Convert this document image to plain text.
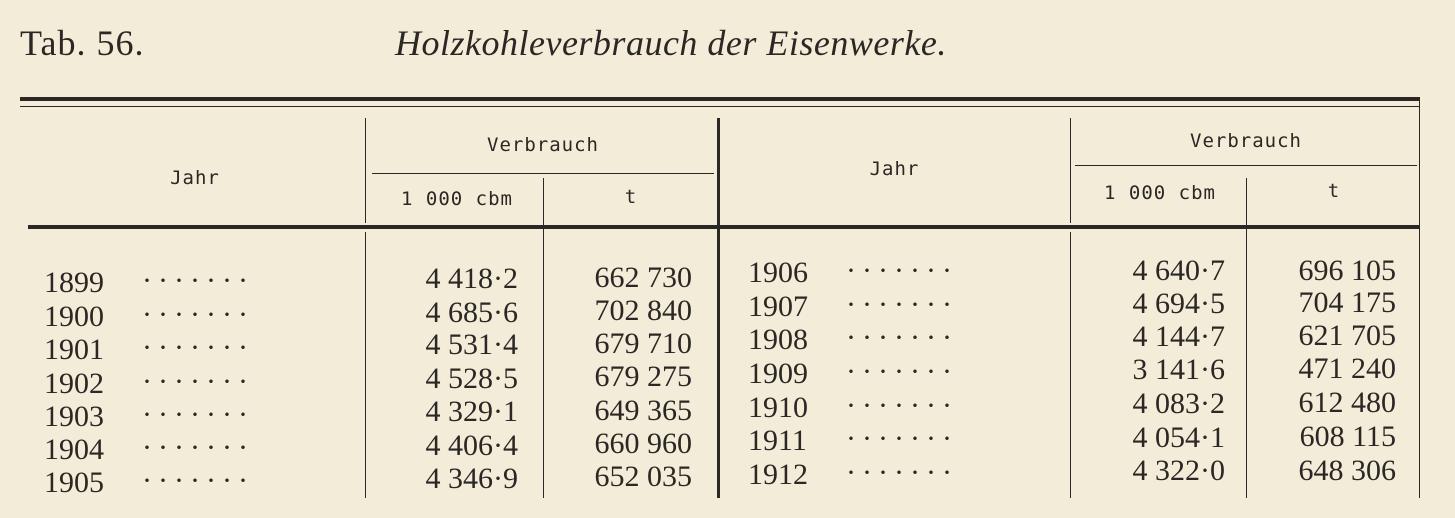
Tab. 56.	Holzkohleverbrauch der Eisenwerke.
Jahr
Verbrauch
1 000 cbm	t
Jahr
Verbrauch
1 000 cbm	t
1899 ·······	4 418·2	662 730
1900 ·······	4 685·6	702 840
1901 ·······	4 531·4	679 710
1902 ·······	4 528·5	679 275
1903 ·······	4 329·1	649 365
1904 ·······	4 406·4	660 960
1905 ·······	4 346·9	652 035
1906 ·······	4 640·7	696 105
1907 ·······	4 694·5	704 175
1908 ·······	4 144·7	621 705
1909 ·······	3 141·6	471 240
1910 ·······	4 083·2	612 480
1911 ·······	4 054·1	608 115
1912 ·······	4 322·0	648 306
